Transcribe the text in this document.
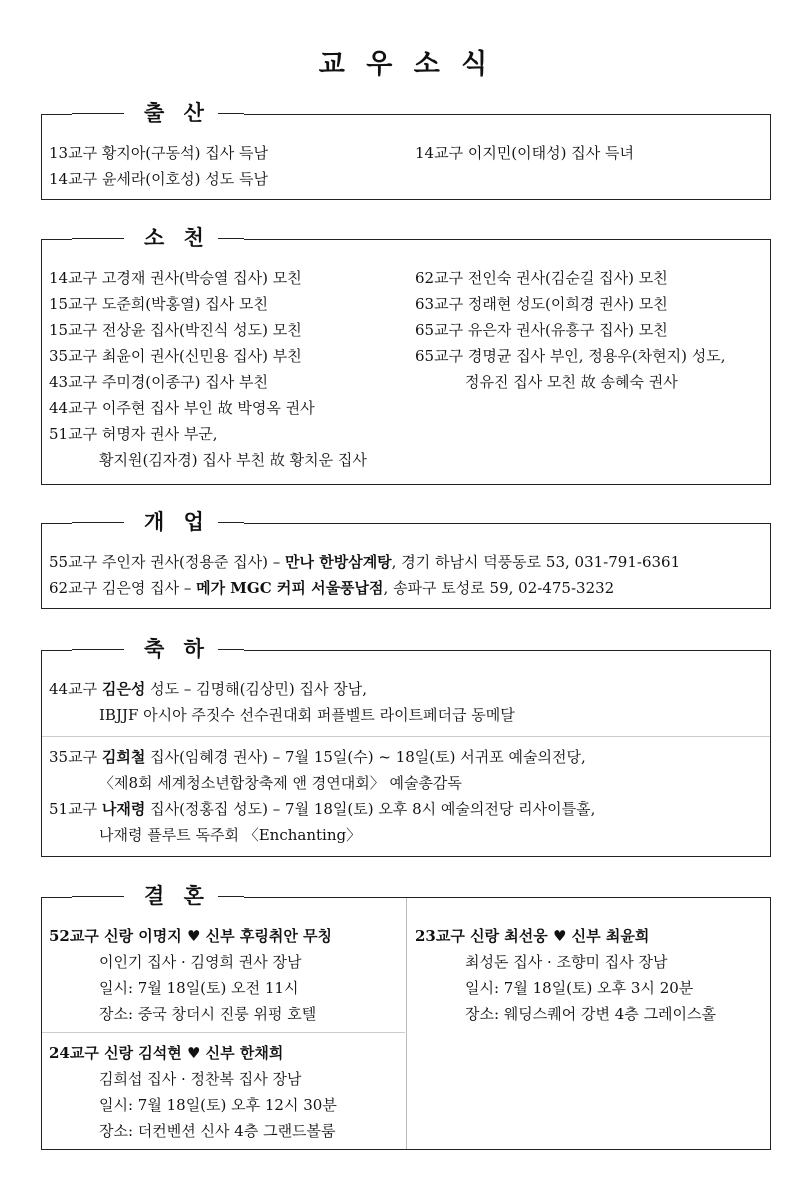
교 우 소 식
출 산
13교구 황지아(구동석) 집사 득남
14교구 윤세라(이호성) 성도 득남
14교구 이지민(이태성) 집사 득녀
소 천
14교구 고경재 권사(박승열 집사) 모친
15교구 도준희(박홍열) 집사 모친
15교구 전상윤 집사(박진식 성도) 모친
35교구 최윤이 권사(신민용 집사) 부친
43교구 주미경(이종구) 집사 부친
44교구 이주현 집사 부인 故 박영옥 권사
51교구 허명자 권사 부군,
황지원(김자경) 집사 부친 故 황치운 집사
62교구 전인숙 권사(김순길 집사) 모친
63교구 정래현 성도(이희경 권사) 모친
65교구 유은자 권사(유흥구 집사) 모친
65교구 경명균 집사 부인, 정용우(차현지) 성도,
정유진 집사 모친 故 송혜숙 권사
개 업
55교구 주인자 권사(정용준 집사) – 만나 한방삼계탕, 경기 하남시 덕풍동로 53, 031-791-6361
62교구 김은영 집사 – 메가 MGC 커피 서울풍납점, 송파구 토성로 59, 02-475-3232
축 하
44교구 김은성 성도 – 김명해(김상민) 집사 장남,
IBJJF 아시아 주짓수 선수권대회 퍼플벨트 라이트페더급 동메달
35교구 김희철 집사(임혜경 권사) – 7월 15일(수) ~ 18일(토) 서귀포 예술의전당,
〈제8회 세계청소년합창축제 앤 경연대회〉 예술총감독
51교구 나재령 집사(정홍집 성도) – 7월 18일(토) 오후 8시 예술의전당 리사이틀홀,
나재령 플루트 독주회 〈Enchanting〉
결 혼
52교구 신랑 이명지 ♥ 신부 후링취안 무칭
이인기 집사 · 김영희 권사 장남
일시: 7월 18일(토) 오전 11시
장소: 중국 창더시 진룽 위펑 호텔
24교구 신랑 김석현 ♥ 신부 한채희
김희섭 집사 · 정찬복 집사 장남
일시: 7월 18일(토) 오후 12시 30분
장소: 더컨벤션 신사 4층 그랜드볼룸
23교구 신랑 최선웅 ♥ 신부 최윤희
최성돈 집사 · 조향미 집사 장남
일시: 7월 18일(토) 오후 3시 20분
장소: 웨딩스퀘어 강변 4층 그레이스홀
